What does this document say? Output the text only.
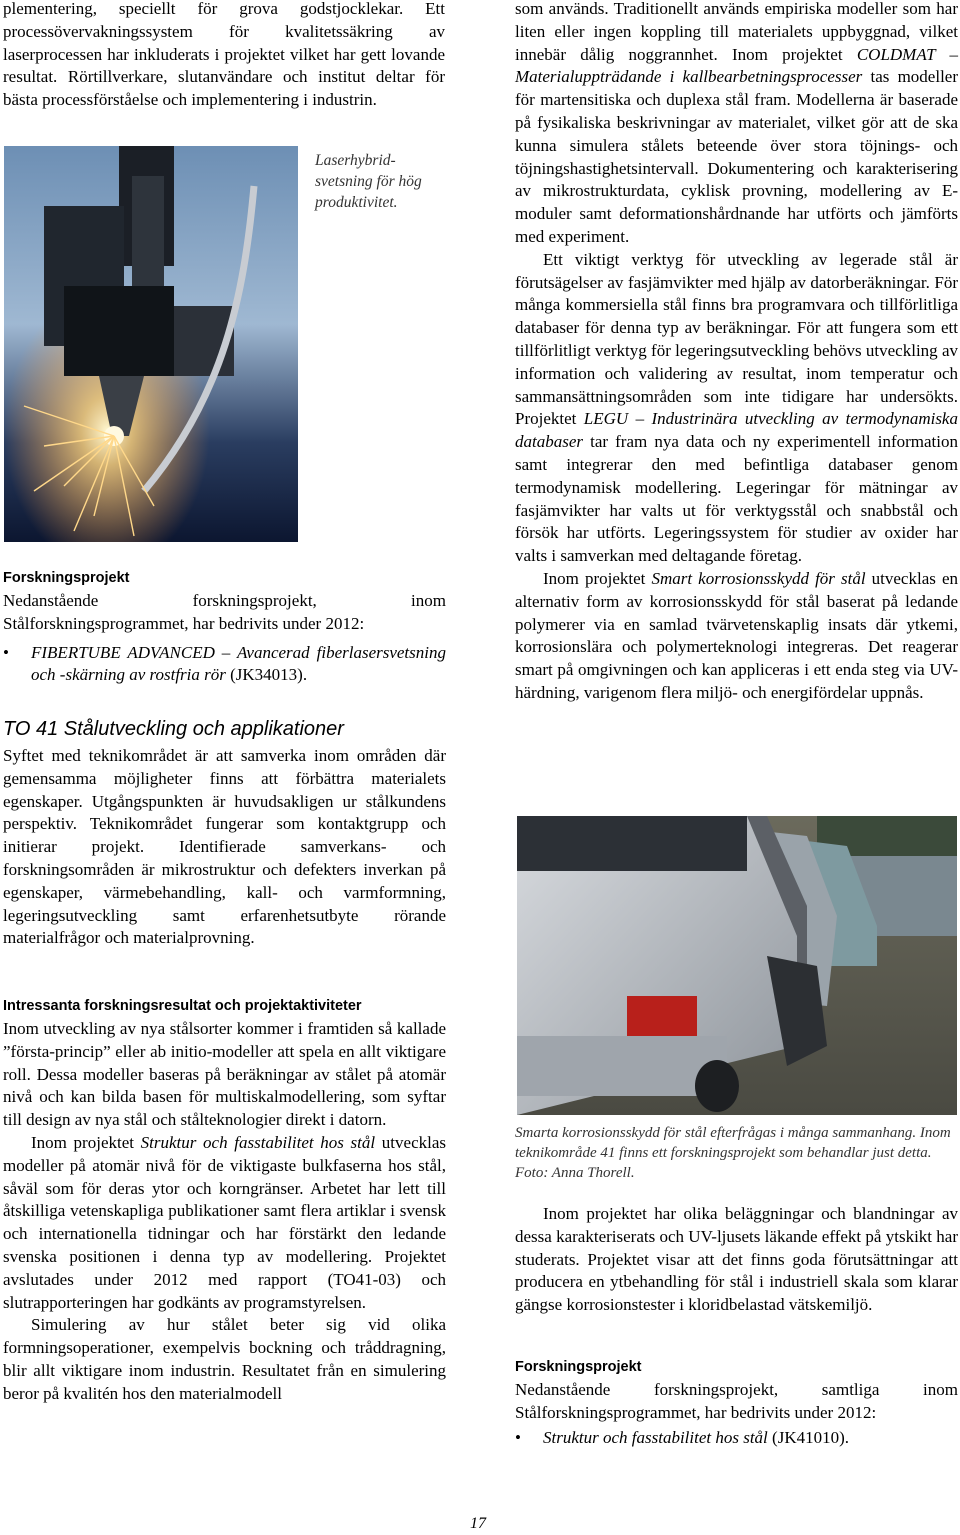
plementering, speciellt för grova godstjocklekar. Ett processövervakningssystem för kvalitetssäkring av laserprocessen har inkluderats i projektet vilket har gett lovande resultat. Rörtillverkare, slutanvändare och institut deltar för bästa processförståelse och implementering i industrin.

Laserhybrid- svetsning för hög produktivitet.
Forskningsprojekt

Nedanstående forskningsprojekt, inom Stålforskningsprogrammet, har bedrivits under 2012:

• FIBERTUBE ADVANCED – Avancerad fiberlasersvetsning och -skärning av rostfria rör (JK34013).
TO 41 Stålutveckling och applikationer

Syftet med teknikområdet är att samverka inom områden där gemensamma möjligheter finns att förbättra materialets egenskaper. Utgångspunkten är huvudsakligen ur stålkundens perspektiv. Teknikområdet fungerar som kontaktgrupp och initierar projekt. Identifierade samverkans- och forskningsområden är mikrostruktur och defekters inverkan på egenskaper, värmebehandling, kall- och varmformning, legeringsutveckling samt erfarenhetsutbyte rörande materialfrågor och materialprovning.

Intressanta forskningsresultat och projektaktiviteter

Inom utveckling av nya stålsorter kommer i framtiden så kallade ”första-princip” eller ab initio-modeller att spela en allt viktigare roll. Dessa modeller baseras på beräkningar av stålet på atomär nivå och kan bilda basen för multiskalmodellering, som syftar till design av nya stål och stålteknologier direkt i datorn.

Inom projektet Struktur och fasstabilitet hos stål utvecklas modeller på atomär nivå för de viktigaste bulkfaserna hos stål, såväl som för deras ytor och korngränser. Arbetet har lett till åtskilliga vetenskapliga publikationer samt flera artiklar i svensk och internationella tidningar och har förstärkt den ledande svenska positionen i denna typ av modellering. Projektet avslutades under 2012 med rapport (TO41-03) och slutrapporteringen har godkänts av programstyrelsen.

Simulering av hur stålet beter sig vid olika formningsoperationer, exempelvis bockning och tråddragning, blir allt viktigare inom industrin. Resultatet från en simulering beror på kvalitén hos den materialmodell

som används. Traditionellt används empiriska modeller som har liten eller ingen koppling till materialets uppbyggnad, vilket innebär dålig noggrannhet. Inom projektet COLDMAT – Materialuppträdande i kallbearbetningsprocesser tas modeller för martensitiska och duplexa stål fram. Modellerna är baserade på fysikaliska beskrivningar av materialet, vilket gör att de ska kunna simulera stålets beteende över stora töjnings- och töjningshastighetsintervall. Dokumentering och karakterisering av mikrostrukturdata, cyklisk provning, modellering av E-moduler samt deformationshårdnande har utförts och jämförts med experiment.

Ett viktigt verktyg för utveckling av legerade stål är förutsägelser av fasjämvikter med hjälp av datorberäkningar. För många kommersiella stål finns bra programvara och tillförlitliga databaser för denna typ av beräkningar. För att fungera som ett tillförlitligt verktyg för legeringsutveckling behövs utveckling av information och validering av resultat, inom temperatur och sammansättningsområden som inte tidigare har undersökts. Projektet LEGU – Industrinära utveckling av termodynamiska databaser tar fram nya data och ny experimentell information samt integrerar den med befintliga databaser genom termodynamisk modellering. Legeringar för mätningar av fasjämvikter har valts ut för verktygsstål och snabbstål och försök har utförts. Legeringssystem för studier av oxider har valts i samverkan med deltagande företag.

Inom projektet Smart korrosionsskydd för stål utvecklas en alternativ form av korrosionsskydd för stål baserat på ledande polymerer via en samlad tvärvetenskaplig insats där ytkemi, korrosionslära och polymerteknologi integreras. Det reagerar smart på omgivningen och kan appliceras i ett enda steg via UV-härdning, varigenom flera miljö- och energifördelar uppnås.

Smarta korrosionsskydd för stål efterfrågas i många sammanhang. Inom teknikområde 41 finns ett forskningsprojekt som behandlar just detta. Foto: Anna Thorell.

Inom projektet har olika beläggningar och blandningar av dessa karakteriserats och UV-ljusets läkande effekt på ytskikt har studerats. Projektet visar att det finns goda förutsättningar att producera en ytbehandling för stål i industriell skala som klarar gängse korrosionstester i kloridbelastad vätskemiljö.

Forskningsprojekt

Nedanstående forskningsprojekt, samtliga inom Stålforskningsprogrammet, har bedrivits under 2012:

• Struktur och fasstabilitet hos stål (JK41010).
17
